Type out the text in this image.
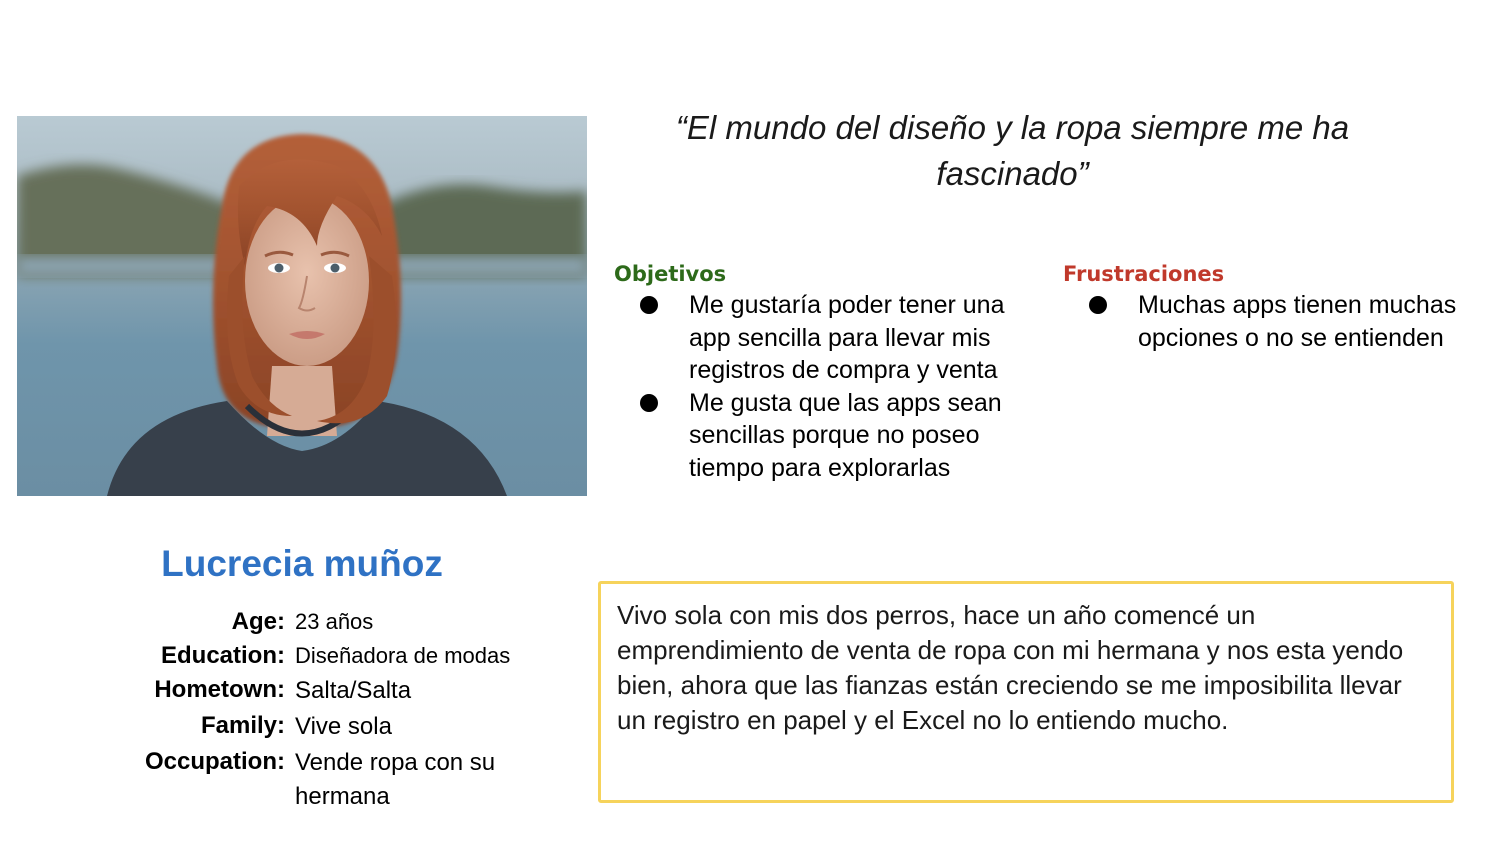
Lucrecia muñoz
Age: 23 años
Education: Diseñadora de modas
Hometown: Salta/Salta
Family: Vive sola
Occupation: Vende ropa con su hermana
“El mundo del diseño y la ropa siempre me ha fascinado”
Objetivos
Me gustaría poder tener una app sencilla para llevar mis registros de compra y venta
Me gusta que las apps sean sencillas porque no poseo tiempo para explorarlas
Frustraciones
Muchas apps tienen muchas opciones o no se entienden
Vivo sola con mis dos perros, hace un año comencé un emprendimiento de venta de ropa con mi hermana y nos esta yendo bien, ahora que las fianzas están creciendo se me imposibilita llevar un registro en papel y el Excel no lo entiendo mucho.
